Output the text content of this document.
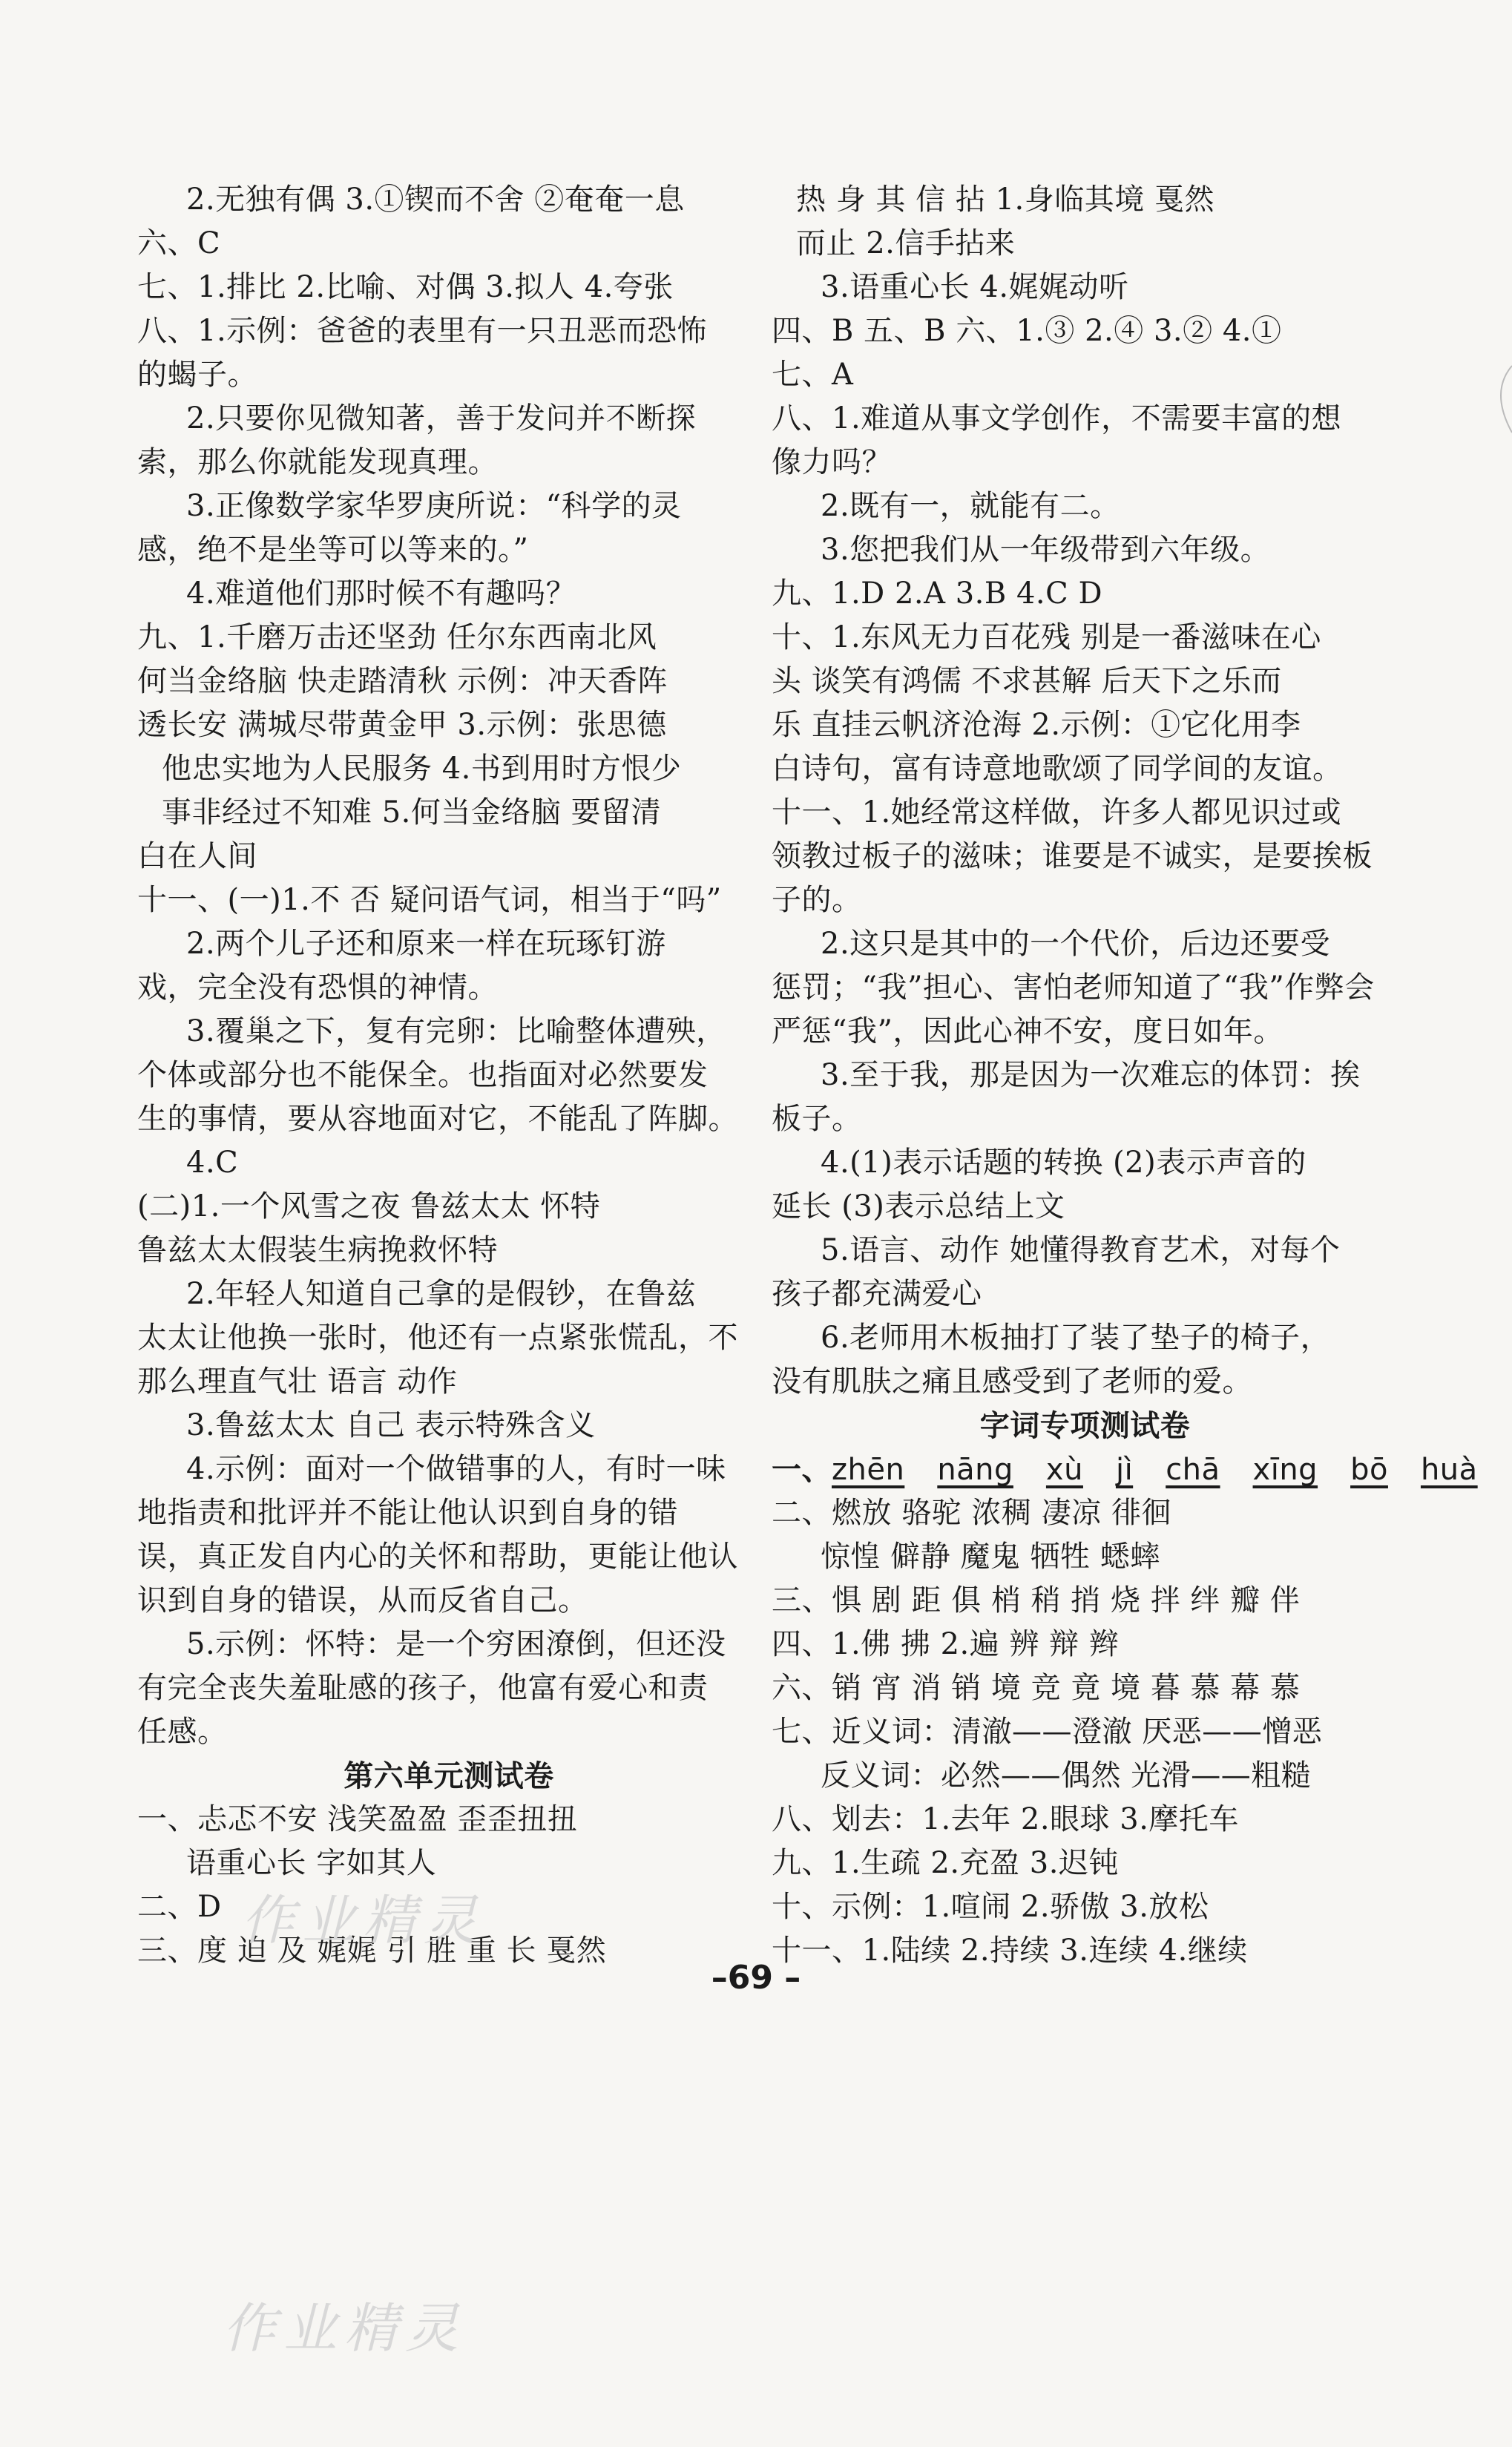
2.无独有偶 3.①锲而不舍 ②奄奄一息
六、C
七、1.排比 2.比喻、对偶 3.拟人 4.夸张
八、1.示例：爸爸的表里有一只丑恶而恐怖
的蝎子。
2.只要你见微知著，善于发问并不断探
索，那么你就能发现真理。
3.正像数学家华罗庚所说：“科学的灵
感，绝不是坐等可以等来的。”
4.难道他们那时候不有趣吗？
九、1.千磨万击还坚劲 任尔东西南北风
何当金络脑 快走踏清秋 示例：冲天香阵
透长安 满城尽带黄金甲 3.示例：张思德
他忠实地为人民服务 4.书到用时方恨少
事非经过不知难 5.何当金络脑 要留清
白在人间
十一、(一)1.不 否 疑问语气词，相当于“吗”
2.两个儿子还和原来一样在玩琢钉游
戏，完全没有恐惧的神情。
3.覆巢之下，复有完卵：比喻整体遭殃，
个体或部分也不能保全。也指面对必然要发
生的事情，要从容地面对它，不能乱了阵脚。
4.C
(二)1.一个风雪之夜 鲁兹太太 怀特
鲁兹太太假装生病挽救怀特
2.年轻人知道自己拿的是假钞，在鲁兹
太太让他换一张时，他还有一点紧张慌乱，不
那么理直气壮 语言 动作
3.鲁兹太太 自己 表示特殊含义
4.示例：面对一个做错事的人，有时一味
地指责和批评并不能让他认识到自身的错
误，真正发自内心的关怀和帮助，更能让他认
识到自身的错误，从而反省自己。
5.示例：怀特：是一个穷困潦倒，但还没
有完全丧失羞耻感的孩子，他富有爱心和责
任感。
第六单元测试卷
一、忐忑不安 浅笑盈盈 歪歪扭扭
语重心长 字如其人
二、D
三、度 迫 及 娓娓 引 胜 重 长 戛然
热 身 其 信 拈 1.身临其境 戛然
而止 2.信手拈来
3.语重心长 4.娓娓动听
四、B 五、B 六、1.③ 2.④ 3.② 4.①
七、A
八、1.难道从事文学创作，不需要丰富的想
像力吗？
2.既有一，就能有二。
3.您把我们从一年级带到六年级。
九、1.D 2.A 3.B 4.C D
十、1.东风无力百花残 别是一番滋味在心
头 谈笑有鸿儒 不求甚解 后天下之乐而
乐 直挂云帆济沧海 2.示例：①它化用李
白诗句，富有诗意地歌颂了同学间的友谊。
十一、1.她经常这样做，许多人都见识过或
领教过板子的滋味；谁要是不诚实，是要挨板
子的。
2.这只是其中的一个代价，后边还要受
惩罚；“我”担心、害怕老师知道了“我”作弊会
严惩“我”，因此心神不安，度日如年。
3.至于我，那是因为一次难忘的体罚：挨
板子。
4.(1)表示话题的转换 (2)表示声音的
延长 (3)表示总结上文
5.语言、动作 她懂得教育艺术，对每个
孩子都充满爱心
6.老师用木板抽打了装了垫子的椅子，
没有肌肤之痛且感受到了老师的爱。
字词专项测试卷
一、zhēn nāng xù jì chā xīng bō huà
二、燃放 骆驼 浓稠 凄凉 徘徊
惊惶 僻静 魔鬼 牺牲 蟋蟀
三、惧 剧 距 俱 梢 稍 捎 烧 拌 绊 瓣 伴
四、1.佛 拂 2.遍 辨 辩 辫
六、销 宵 消 销 境 竞 竟 境 暮 慕 幕 慕
七、近义词：清澈——澄澈 厌恶——憎恶
反义词：必然——偶然 光滑——粗糙
八、划去：1.去年 2.眼球 3.摩托车
九、1.生疏 2.充盈 3.迟钝
十、示例：1.喧闹 2.骄傲 3.放松
十一、1.陆续 2.持续 3.连续 4.继续
–69 –
作业精灵
作业精灵
